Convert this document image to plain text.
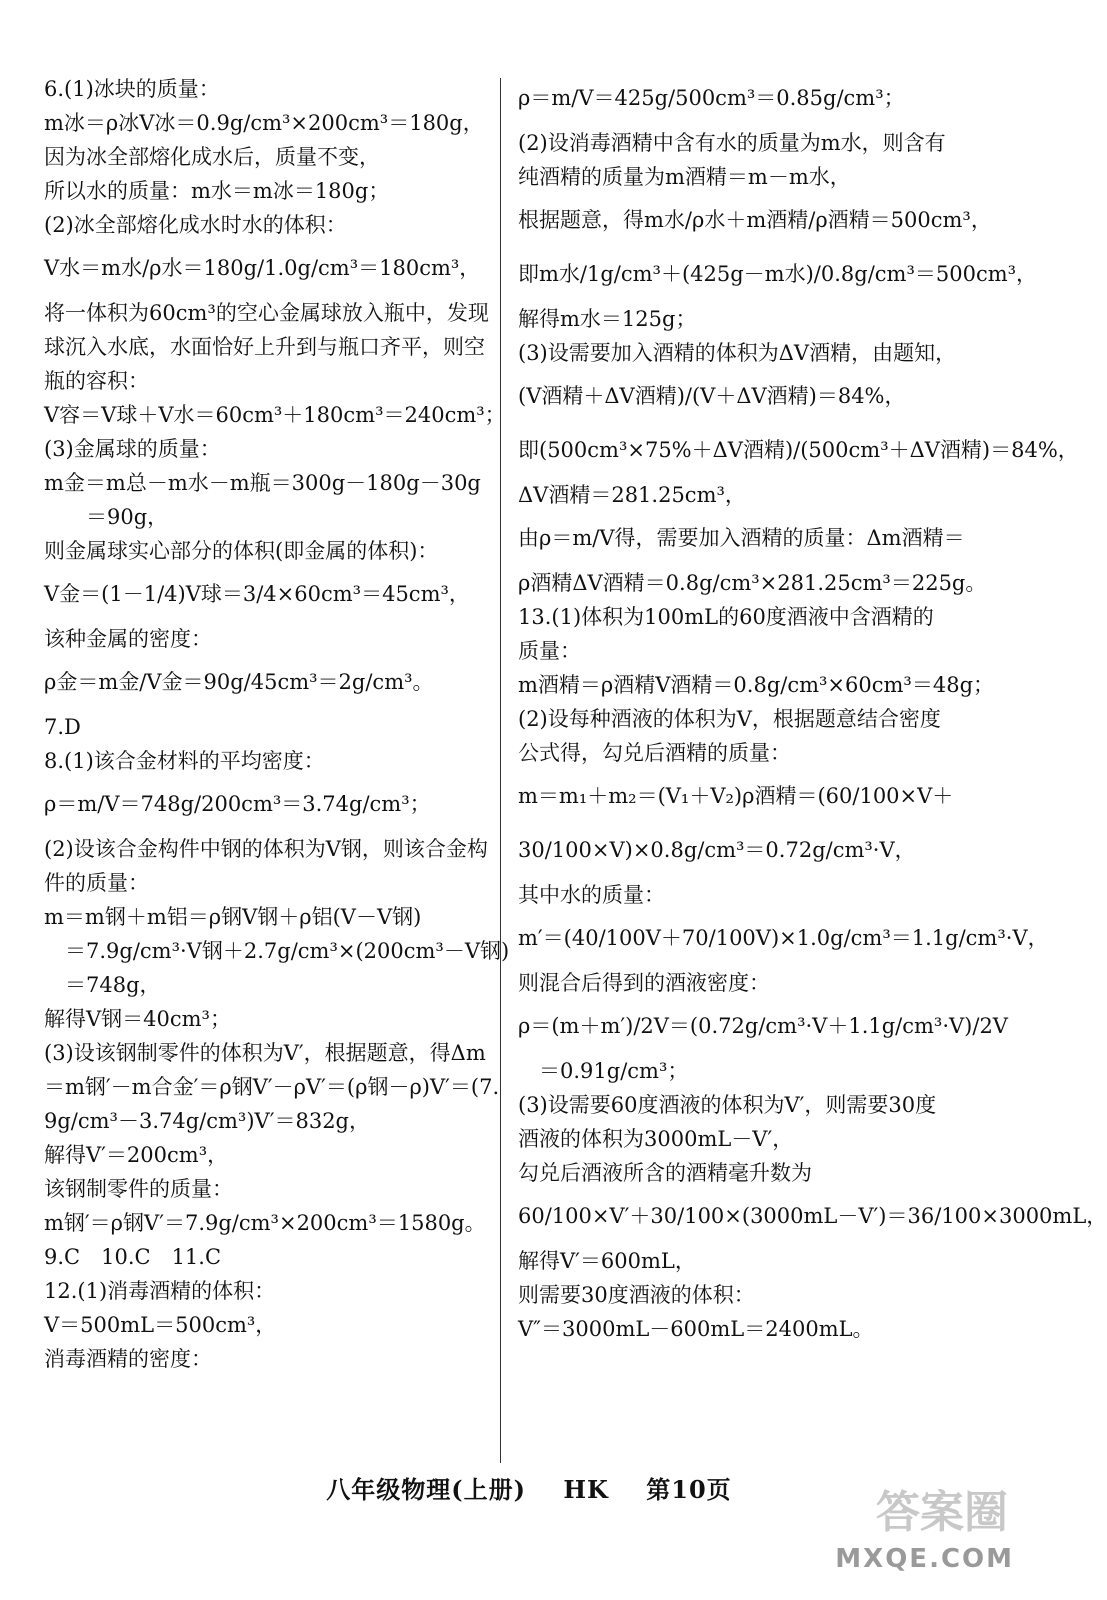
6.(1)冰块的质量：
m冰＝ρ冰V冰＝0.9g/cm³×200cm³＝180g，
因为冰全部熔化成水后，质量不变，
所以水的质量：m水＝m冰＝180g；
(2)冰全部熔化成水时水的体积：
V水＝m水/ρ水＝180g/1.0g/cm³＝180cm³，
将一体积为60cm³的空心金属球放入瓶中，发现
球沉入水底，水面恰好上升到与瓶口齐平，则空
瓶的容积：
V容＝V球＋V水＝60cm³＋180cm³＝240cm³；
(3)金属球的质量：
m金＝m总－m水－m瓶＝300g－180g－30g
　　＝90g，
则金属球实心部分的体积(即金属的体积)：
V金＝(1－1/4)V球＝3/4×60cm³＝45cm³，
该种金属的密度：
ρ金＝m金/V金＝90g/45cm³＝2g/cm³。
7.D
8.(1)该合金材料的平均密度：
ρ＝m/V＝748g/200cm³＝3.74g/cm³；
(2)设该合金构件中钢的体积为V钢，则该合金构
件的质量：
m＝m钢＋m铝＝ρ钢V钢＋ρ铝(V－V钢)
　＝7.9g/cm³·V钢＋2.7g/cm³×(200cm³－V钢)
　＝748g，
解得V钢＝40cm³；
(3)设该钢制零件的体积为V′，根据题意，得Δm
＝m钢′－m合金′＝ρ钢V′－ρV′＝(ρ钢－ρ)V′＝(7.
9g/cm³－3.74g/cm³)V′＝832g，
解得V′＝200cm³，
该钢制零件的质量：
m钢′＝ρ钢V′＝7.9g/cm³×200cm³＝1580g。
9.C　10.C　11.C
12.(1)消毒酒精的体积：
V＝500mL＝500cm³，
消毒酒精的密度：
ρ＝m/V＝425g/500cm³＝0.85g/cm³；
(2)设消毒酒精中含有水的质量为m水，则含有
纯酒精的质量为m酒精＝m－m水，
根据题意，得m水/ρ水＋m酒精/ρ酒精＝500cm³，
即m水/1g/cm³＋(425g－m水)/0.8g/cm³＝500cm³，
解得m水＝125g；
(3)设需要加入酒精的体积为ΔV酒精，由题知，
(V酒精＋ΔV酒精)/(V＋ΔV酒精)＝84%，
即(500cm³×75%＋ΔV酒精)/(500cm³＋ΔV酒精)＝84%，
ΔV酒精＝281.25cm³，
由ρ＝m/V得，需要加入酒精的质量：Δm酒精＝
ρ酒精ΔV酒精＝0.8g/cm³×281.25cm³＝225g。
13.(1)体积为100mL的60度酒液中含酒精的
质量：
m酒精＝ρ酒精V酒精＝0.8g/cm³×60cm³＝48g；
(2)设每种酒液的体积为V，根据题意结合密度
公式得，勾兑后酒精的质量：
m＝m₁＋m₂＝(V₁＋V₂)ρ酒精＝(60/100×V＋
30/100×V)×0.8g/cm³＝0.72g/cm³·V，
其中水的质量：
m′＝(40/100V＋70/100V)×1.0g/cm³＝1.1g/cm³·V，
则混合后得到的酒液密度：
ρ＝(m＋m′)/2V＝(0.72g/cm³·V＋1.1g/cm³·V)/2V
　＝0.91g/cm³；
(3)设需要60度酒液的体积为V′，则需要30度
酒液的体积为3000mL－V′，
勾兑后酒液所含的酒精毫升数为
60/100×V′＋30/100×(3000mL－V′)＝36/100×3000mL，
解得V′＝600mL，
则需要30度酒液的体积：
V″＝3000mL－600mL＝2400mL。
八年级物理(上册) HK 第10页	答案圈
MXQE.COM
